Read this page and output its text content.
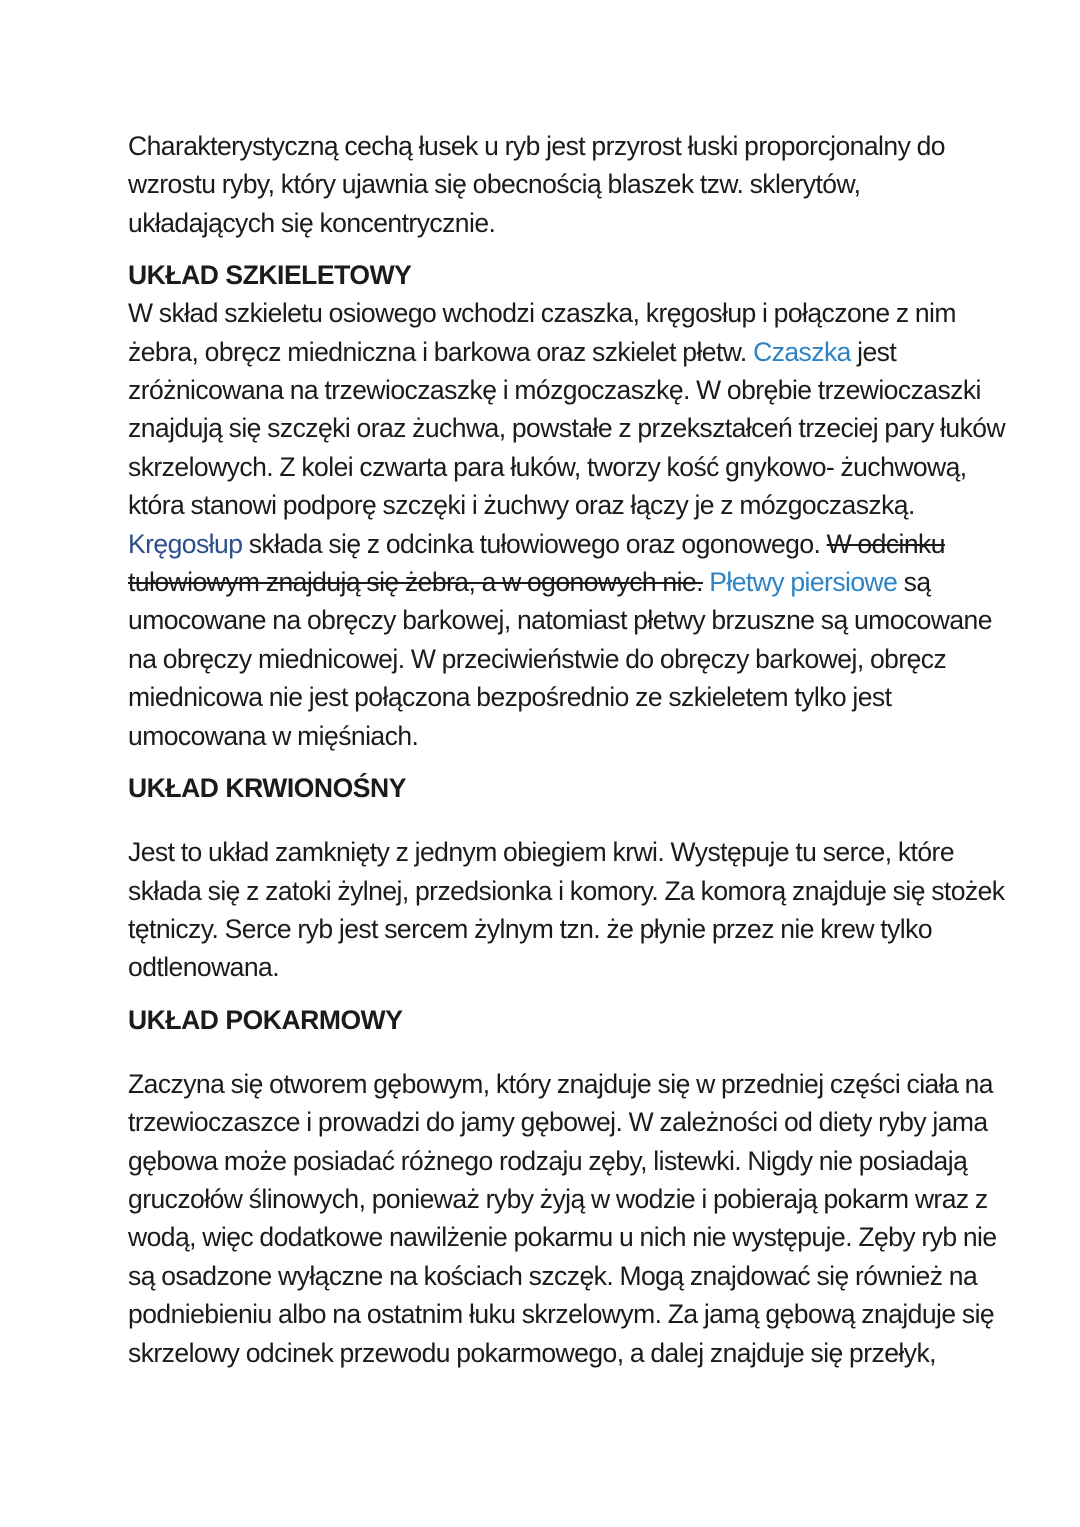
Charakterystyczną cechą łusek u ryb jest przyrost łuski proporcjonalny do
wzrostu ryby, który ujawnia się obecnością blaszek tzw. sklerytów,
układających się koncentrycznie.

UKŁAD SZKIELETOWY

W skład szkieletu osiowego wchodzi czaszka, kręgosłup i połączone z nim
żebra, obręcz miedniczna i barkowa oraz szkielet płetw. Czaszka jest
zróżnicowana na trzewioczaszkę i mózgoczaszkę. W obrębie trzewioczaszki
znajdują się szczęki oraz żuchwa, powstałe z przekształceń trzeciej pary łuków
skrzelowych. Z kolei czwarta para łuków, tworzy kość gnykowo- żuchwową,
która stanowi podporę szczęki i żuchwy oraz łączy je z mózgoczaszką.
Kręgosłup składa się z odcinka tułowiowego oraz ogonowego. W odcinku
tułowiowym znajdują się żebra, a w ogonowych nie. Płetwy piersiowe są
umocowane na obręczy barkowej, natomiast płetwy brzuszne są umocowane
na obręczy miednicowej. W przeciwieństwie do obręczy barkowej, obręcz
miednicowa nie jest połączona bezpośrednio ze szkieletem tylko jest
umocowana w mięśniach.

UKŁAD KRWIONOŚNY

Jest to układ zamknięty z jednym obiegiem krwi. Występuje tu serce, które
składa się z zatoki żylnej, przedsionka i komory. Za komorą znajduje się stożek
tętniczy. Serce ryb jest sercem żylnym tzn. że płynie przez nie krew tylko
odtlenowana.

UKŁAD POKARMOWY

Zaczyna się otworem gębowym, który znajduje się w przedniej części ciała na
trzewioczaszce i prowadzi do jamy gębowej. W zależności od diety ryby jama
gębowa może posiadać różnego rodzaju zęby, listewki. Nigdy nie posiadają
gruczołów ślinowych, ponieważ ryby żyją w wodzie i pobierają pokarm wraz z
wodą, więc dodatkowe nawilżenie pokarmu u nich nie występuje. Zęby ryb nie
są osadzone wyłączne na kościach szczęk. Mogą znajdować się również na
podniebieniu albo na ostatnim łuku skrzelowym. Za jamą gębową znajduje się
skrzelowy odcinek przewodu pokarmowego, a dalej znajduje się przełyk,
